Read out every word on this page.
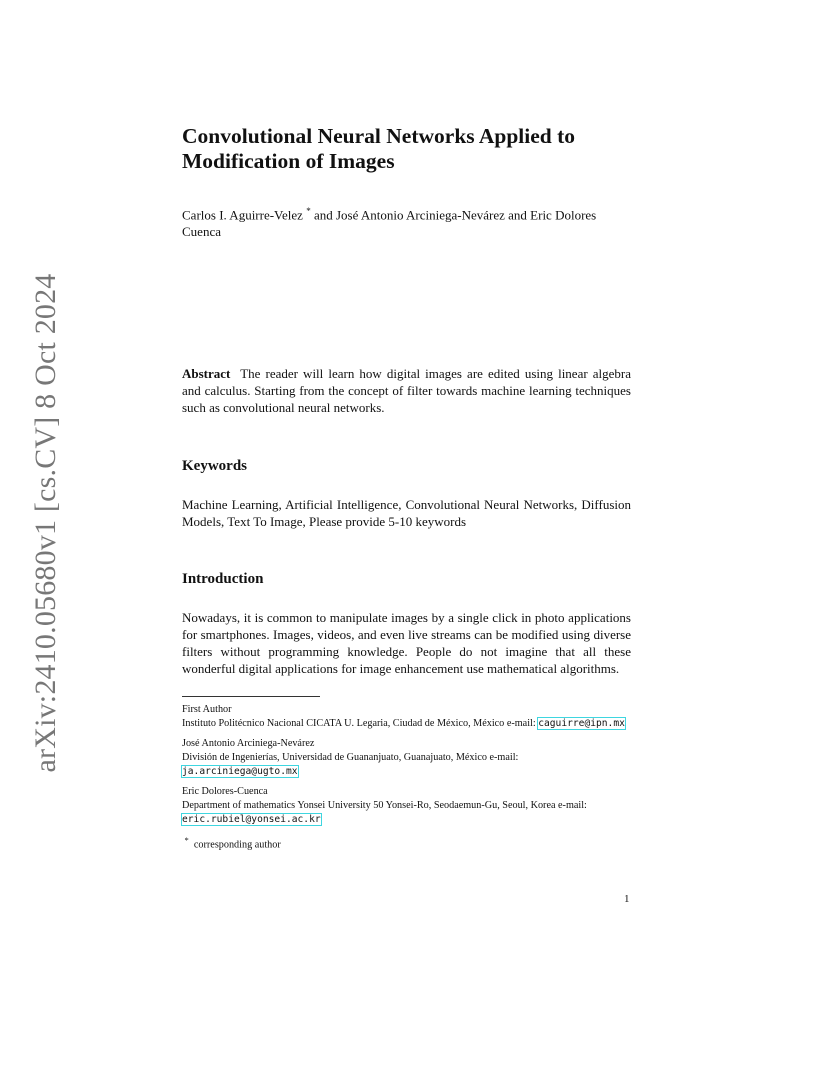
arXiv:2410.05680v1 [cs.CV] 8 Oct 2024
Convolutional Neural Networks Applied to
Modification of Images

Carlos I. Aguirre-Velez * and José Antonio Arciniega-Nevárez and Eric Dolores Cuenca

Abstract The reader will learn how digital images are edited using linear algebra and calculus. Starting from the concept of filter towards machine learning techniques such as convolutional neural networks.

Keywords

Machine Learning, Artificial Intelligence, Convolutional Neural Networks, Diffusion Models, Text To Image, Please provide 5-10 keywords

Introduction

Nowadays, it is common to manipulate images by a single click in photo applications for smartphones. Images, videos, and even live streams can be modified using diverse filters without programming knowledge. People do not imagine that all these wonderful digital applications for image enhancement use mathematical algorithms.

First Author

Instituto Politécnico Nacional CICATA U. Legaria, Ciudad de México, México e-mail: caguirre@ipn.mx

José Antonio Arciniega-Nevárez

División de Ingenierías, Universidad de Guananjuato, Guanajuato, México e-mail: ja.arciniega@ugto.mx

Eric Dolores-Cuenca

Department of mathematics Yonsei University 50 Yonsei-Ro, Seodaemun-Gu, Seoul, Korea e-mail: eric.rubiel@yonsei.ac.kr

* corresponding author

1
